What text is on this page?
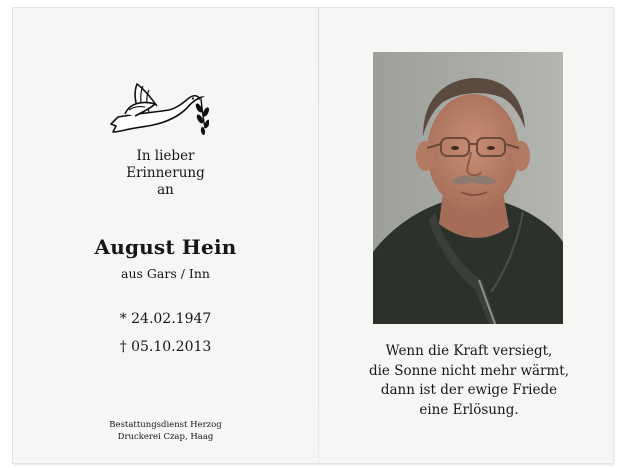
In lieber
Erinnerung
an
August Hein
aus Gars / Inn
* 24.02.1947
† 05.10.2013
Bestattungsdienst Herzog
Druckerei Czap, Haag
Wenn die Kraft versiegt,
die Sonne nicht mehr wärmt,
dann ist der ewige Friede
eine Erlösung.
